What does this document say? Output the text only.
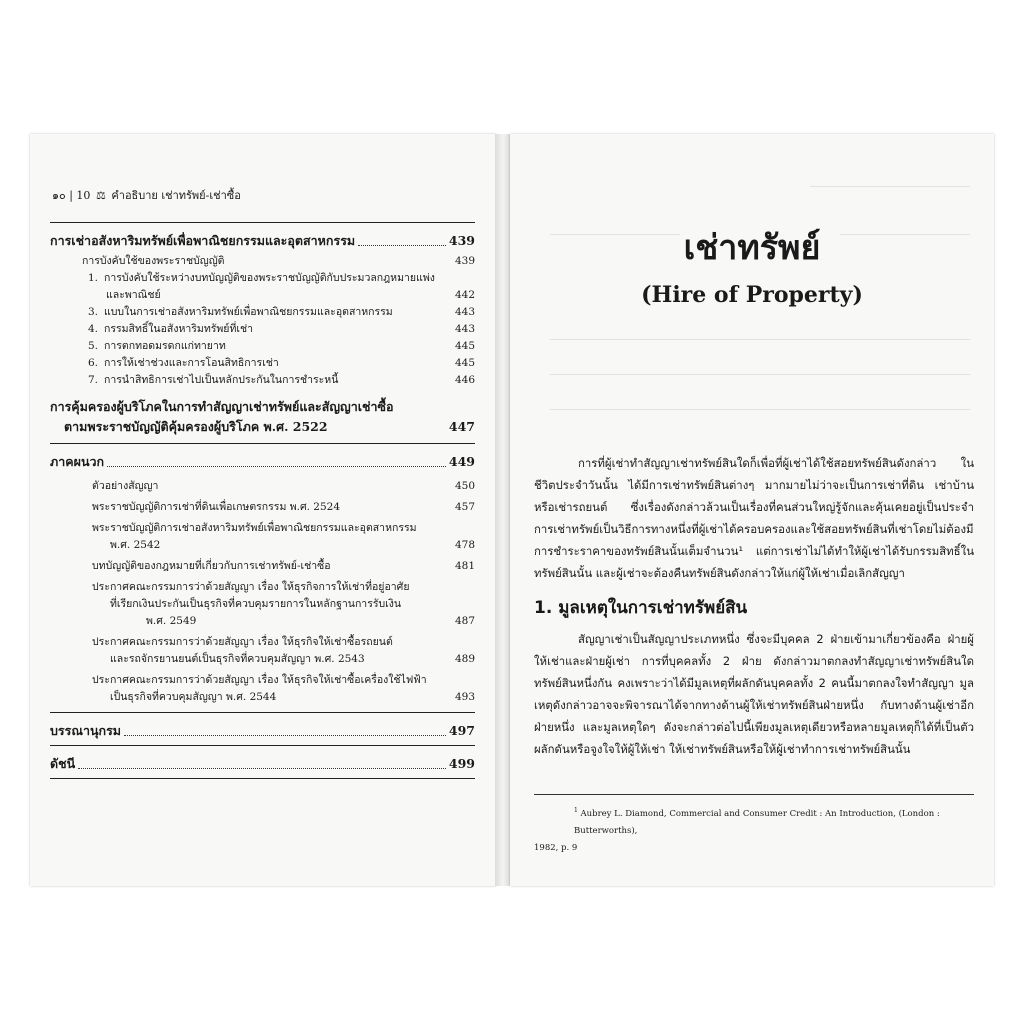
๑๐ | 10 ⚖ คำอธิบาย เช่าทรัพย์-เช่าซื้อ
การเช่าอสังหาริมทรัพย์เพื่อพาณิชยกรรมและอุตสาหกรรม	439
การบังคับใช้ของพระราชบัญญัติ	439
1. การบังคับใช้ระหว่างบทบัญญัติของพระราชบัญญัติกับประมวลกฎหมายแพ่ง
และพาณิชย์	442
3. แบบในการเช่าอสังหาริมทรัพย์เพื่อพาณิชยกรรมและอุตสาหกรรม	443
4. กรรมสิทธิ์ในอสังหาริมทรัพย์ที่เช่า	443
5. การตกทอดมรดกแก่ทายาท	445
6. การให้เช่าช่วงและการโอนสิทธิการเช่า	445
7. การนำสิทธิการเช่าไปเป็นหลักประกันในการชำระหนี้	446
การคุ้มครองผู้บริโภคในการทำสัญญาเช่าทรัพย์และสัญญาเช่าซื้อ
ตามพระราชบัญญัติคุ้มครองผู้บริโภค พ.ศ. 2522	447
ภาคผนวก	449
ตัวอย่างสัญญา	450
พระราชบัญญัติการเช่าที่ดินเพื่อเกษตรกรรม พ.ศ. 2524	457
พระราชบัญญัติการเช่าอสังหาริมทรัพย์เพื่อพาณิชยกรรมและอุตสาหกรรม
พ.ศ. 2542	478
บทบัญญัติของกฎหมายที่เกี่ยวกับการเช่าทรัพย์-เช่าซื้อ	481
ประกาศคณะกรรมการว่าด้วยสัญญา เรื่อง ให้ธุรกิจการให้เช่าที่อยู่อาศัย
ที่เรียกเงินประกันเป็นธุรกิจที่ควบคุมรายการในหลักฐานการรับเงิน
พ.ศ. 2549	487
ประกาศคณะกรรมการว่าด้วยสัญญา เรื่อง ให้ธุรกิจให้เช่าซื้อรถยนต์
และรถจักรยานยนต์เป็นธุรกิจที่ควบคุมสัญญา พ.ศ. 2543	489
ประกาศคณะกรรมการว่าด้วยสัญญา เรื่อง ให้ธุรกิจให้เช่าซื้อเครื่องใช้ไฟฟ้า
เป็นธุรกิจที่ควบคุมสัญญา พ.ศ. 2544	493
บรรณานุกรม	497
ดัชนี	499
เช่าทรัพย์
(Hire of Property)
การที่ผู้เช่าทำสัญญาเช่าทรัพย์สินใดก็เพื่อที่ผู้เช่าได้ใช้สอยทรัพย์สินดังกล่าว ในชีวิตประจำวันนั้น ได้มีการเช่าทรัพย์สินต่างๆ มากมายไม่ว่าจะเป็นการเช่าที่ดิน เช่าบ้าน หรือเช่ารถยนต์ ซึ่งเรื่องดังกล่าวล้วนเป็นเรื่องที่คนส่วนใหญ่รู้จักและคุ้นเคยอยู่เป็นประจำ การเช่าทรัพย์เป็นวิธีการทางหนึ่งที่ผู้เช่าได้ครอบครองและใช้สอยทรัพย์สินที่เช่าโดยไม่ต้องมีการชำระราคาของทรัพย์สินนั้นเต็มจำนวน¹ แต่การเช่าไม่ได้ทำให้ผู้เช่าได้รับกรรมสิทธิ์ในทรัพย์สินนั้น และผู้เช่าจะต้องคืนทรัพย์สินดังกล่าวให้แก่ผู้ให้เช่าเมื่อเลิกสัญญา
1. มูลเหตุในการเช่าทรัพย์สิน
สัญญาเช่าเป็นสัญญาประเภทหนึ่ง ซึ่งจะมีบุคคล 2 ฝ่ายเข้ามาเกี่ยวข้องคือ ฝ่ายผู้ให้เช่าและฝ่ายผู้เช่า การที่บุคคลทั้ง 2 ฝ่าย ดังกล่าวมาตกลงทำสัญญาเช่าทรัพย์สินใดทรัพย์สินหนึ่งกัน คงเพราะว่าได้มีมูลเหตุที่ผลักดันบุคคลทั้ง 2 คนนี้มาตกลงใจทำสัญญา มูลเหตุดังกล่าวอาจจะพิจารณาได้จากทางด้านผู้ให้เช่าทรัพย์สินฝ่ายหนึ่ง กับทางด้านผู้เช่าอีกฝ่ายหนึ่ง และมูลเหตุใดๆ ดังจะกล่าวต่อไปนี้เพียงมูลเหตุเดียวหรือหลายมูลเหตุก็ได้ที่เป็นตัวผลักดันหรือจูงใจให้ผู้ให้เช่า ให้เช่าทรัพย์สินหรือให้ผู้เช่าทำการเช่าทรัพย์สินนั้น
$^1$ Aubrey L. Diamond, Commercial and Consumer Credit : An Introduction, (London : Butterworths),
1982, p. 9
